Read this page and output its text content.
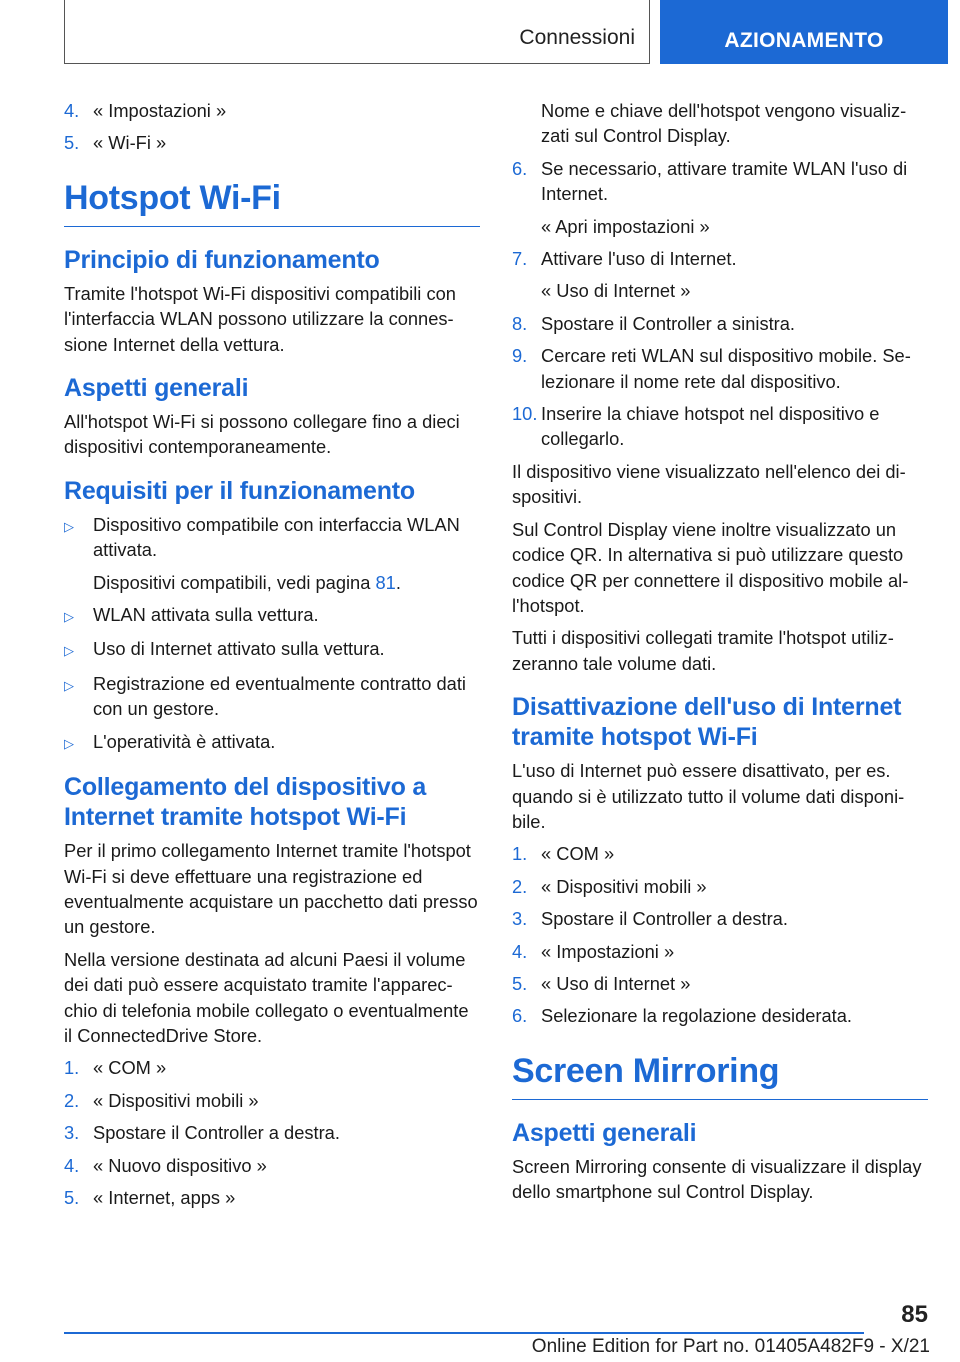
Connessioni	AZIONAMENTO
4. « Impostazioni »
5. « Wi-Fi »
Hotspot Wi-Fi
Principio di funzionamento

Tramite l'hotspot Wi-Fi dispositivi compatibili con l'interfaccia WLAN possono utilizzare la connessione Internet della vettura.

Aspetti generali

All'hotspot Wi-Fi si possono collegare fino a dieci dispositivi contemporaneamente.

Requisiti per il funzionamento
▷	Dispositivo compatibile con interfaccia WLAN attivata.
Dispositivi compatibili, vedi pagina 81.
▷	WLAN attivata sulla vettura.
▷	Uso di Internet attivato sulla vettura.
▷	Registrazione ed eventualmente contratto dati con un gestore.
▷	L'operatività è attivata.
Collegamento del dispositivo a Internet tramite hotspot Wi-Fi

Per il primo collegamento Internet tramite l'hotspot Wi-Fi si deve effettuare una registrazione ed eventualmente acquistare un pacchetto dati presso un gestore.

Nella versione destinata ad alcuni Paesi il volume dei dati può essere acquistato tramite l'apparecchio di telefonia mobile collegato o eventualmente il ConnectedDrive Store.

1. « COM »
2. « Dispositivi mobili »
3. Spostare il Controller a destra.
4. « Nuovo dispositivo »
5. « Internet, apps »

Nome e chiave dell'hotspot vengono visualizzati sul Control Display.

6. Se necessario, attivare tramite WLAN l'uso di Internet.
« Apri impostazioni »
7. Attivare l'uso di Internet.
« Uso di Internet »
8. Spostare il Controller a sinistra.
9. Cercare reti WLAN sul dispositivo mobile. Selezionare il nome rete dal dispositivo.
10. Inserire la chiave hotspot nel dispositivo e collegarlo.

Il dispositivo viene visualizzato nell'elenco dei dispositivi.

Sul Control Display viene inoltre visualizzato un codice QR. In alternativa si può utilizzare questo codice QR per connettere il dispositivo mobile all'hotspot.

Tutti i dispositivi collegati tramite l'hotspot utilizzeranno tale volume dati.

Disattivazione dell'uso di Internet tramite hotspot Wi-Fi

L'uso di Internet può essere disattivato, per es. quando si è utilizzato tutto il volume dati disponibile.

1. « COM »
2. « Dispositivi mobili »
3. Spostare il Controller a destra.
4. « Impostazioni »
5. « Uso di Internet »
6. Selezionare la regolazione desiderata.
Screen Mirroring
Aspetti generali

Screen Mirroring consente di visualizzare il display dello smartphone sul Control Display.

85
Online Edition for Part no. 01405A482F9 - X/21
